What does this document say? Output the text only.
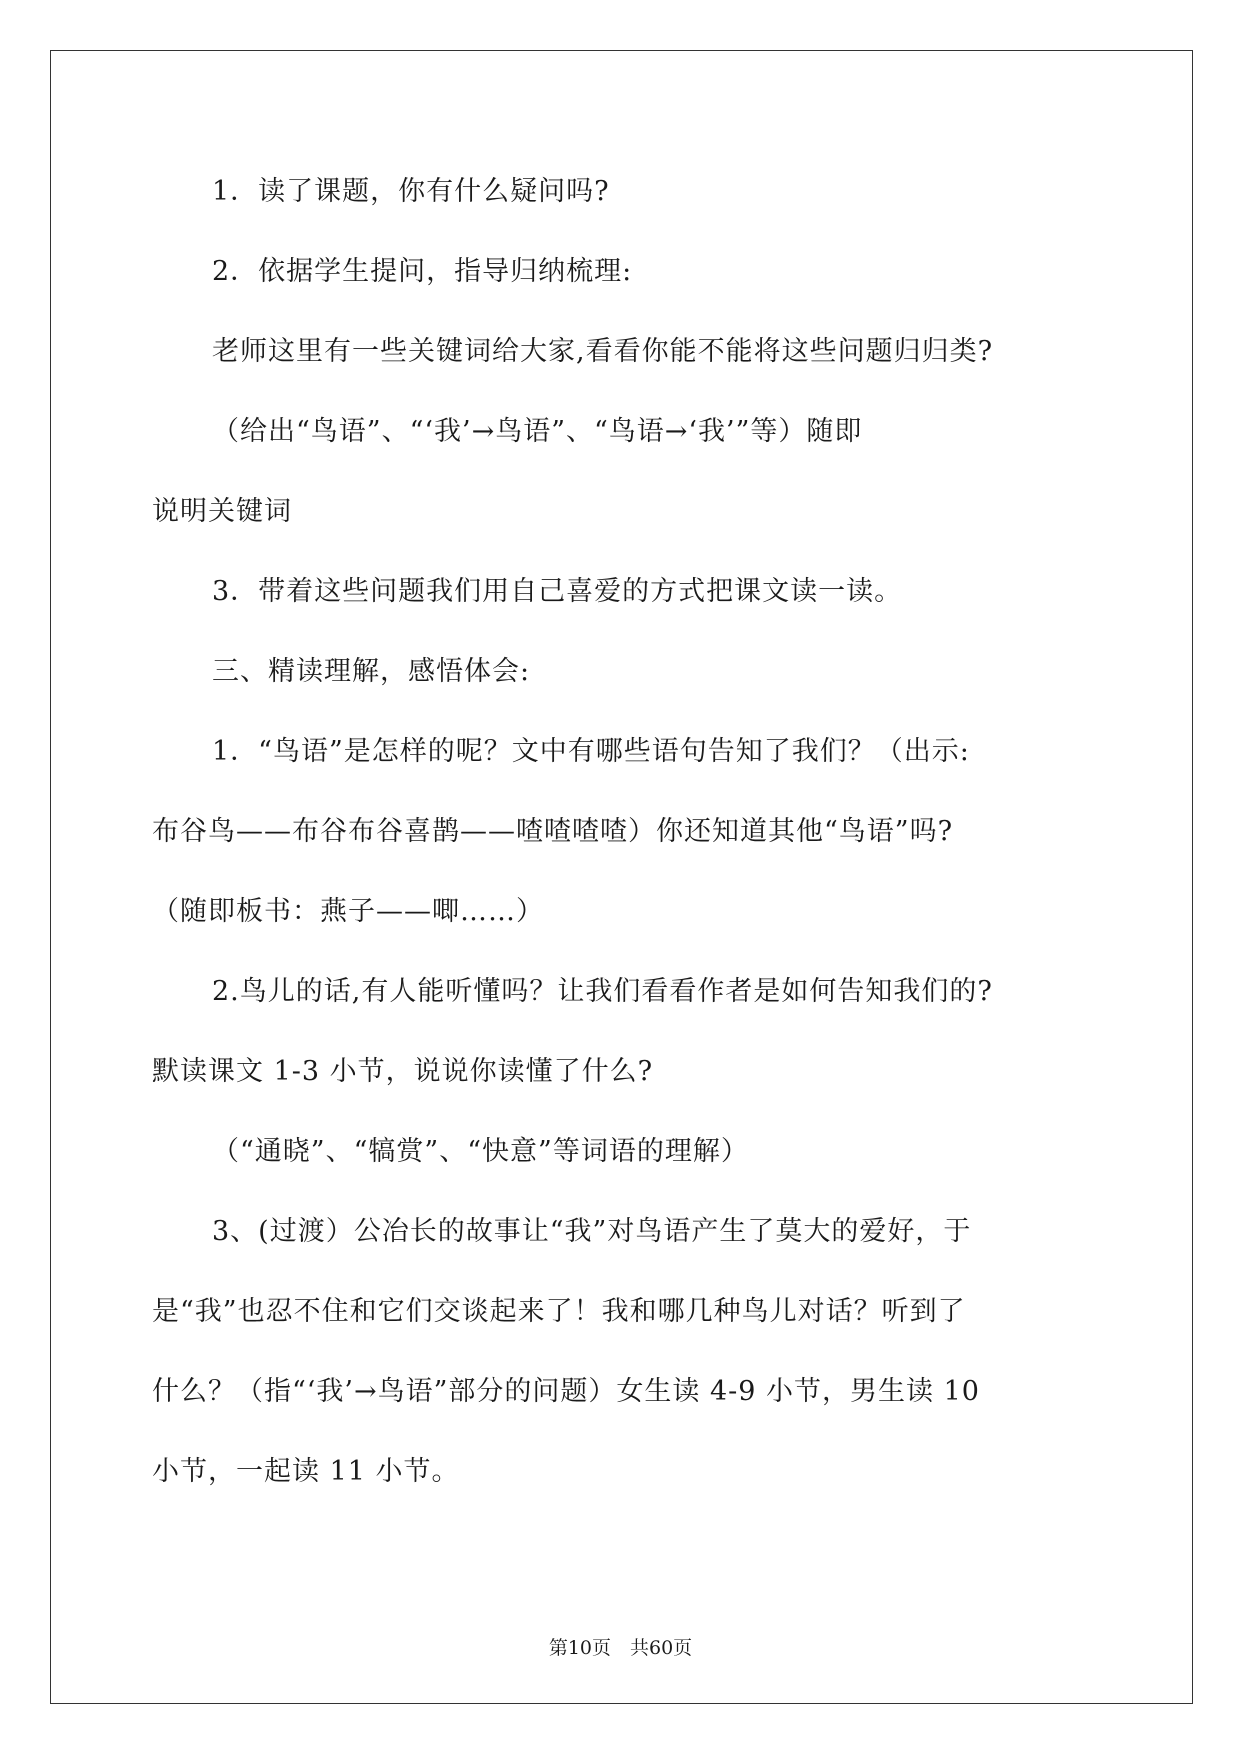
1．读了课题，你有什么疑问吗?
2．依据学生提问，指导归纳梳理:
老师这里有一些关键词给大家,看看你能不能将这些问题归归类?
（给出“鸟语”、“‘我’→鸟语”、“鸟语→‘我’”等）随即
说明关键词
3．带着这些问题我们用自己喜爱的方式把课文读一读。
三、精读理解，感悟体会:
1．“鸟语”是怎样的呢？文中有哪些语句告知了我们？（出示:
布谷鸟——布谷布谷喜鹊——喳喳喳喳）你还知道其他“鸟语”吗?
（随即板书：燕子——唧……）
2.鸟儿的话,有人能听懂吗？让我们看看作者是如何告知我们的?
默读课文 1-3 小节，说说你读懂了什么?
（“通晓”、“犒赏”、“快意”等词语的理解）
3、(过渡）公冶长的故事让“我”对鸟语产生了莫大的爱好，于
是“我”也忍不住和它们交谈起来了！我和哪几种鸟儿对话？听到了
什么？（指“‘我’→鸟语”部分的问题）女生读 4-9 小节，男生读 10
小节，一起读 11 小节。
第10页　共60页
